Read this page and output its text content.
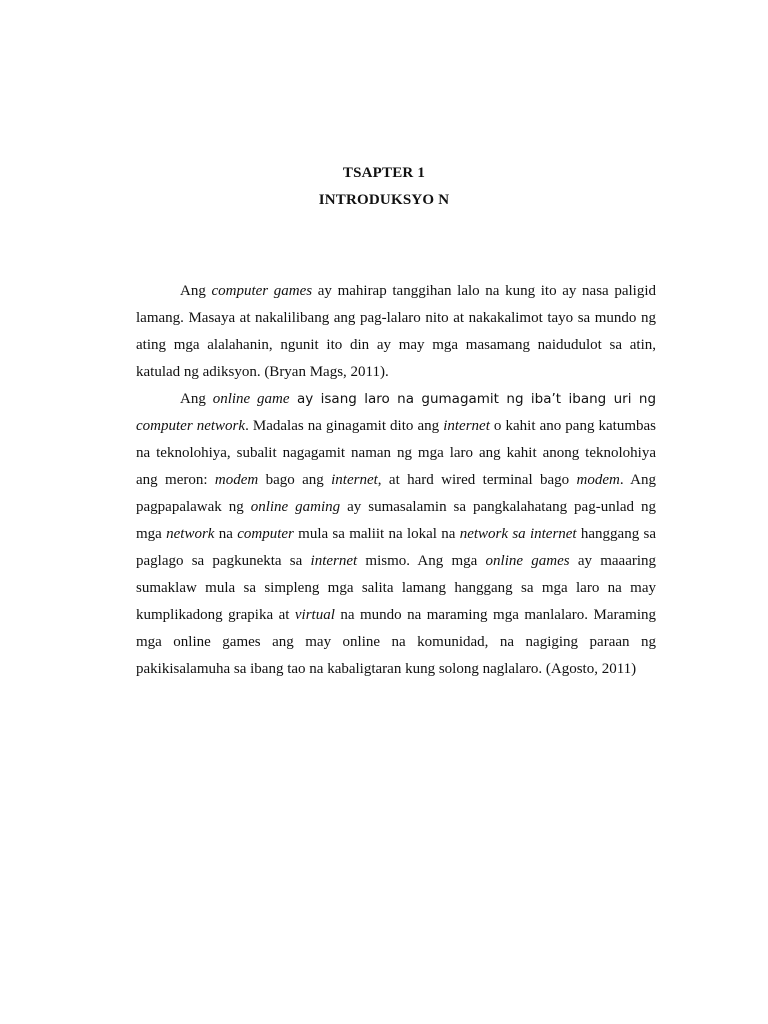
TSAPTER 1
INTRODUKSYO N

Ang computer games ay mahirap tanggihan lalo na kung ito ay nasa paligid lamang. Masaya at nakalilibang ang pag-lalaro nito at nakakalimot tayo sa mundo ng ating mga alalahanin, ngunit ito din ay may mga masamang naidudulot sa atin, katulad ng adiksyon. (Bryan Mags, 2011).

Ang online game ay isang laro na gumagamit ng iba’t ibang uri ng computer network. Madalas na ginagamit dito ang internet o kahit ano pang katumbas na teknolohiya, subalit nagagamit naman ng mga laro ang kahit anong teknolohiya ang meron: modem bago ang internet, at hard wired terminal bago modem. Ang pagpapalawak ng online gaming ay sumasalamin sa pangkalahatang pag-unlad ng mga network na computer mula sa maliit na lokal na network sa internet hanggang sa paglago sa pagkunekta sa internet mismo. Ang mga online games ay maaaring sumaklaw mula sa simpleng mga salita lamang hanggang sa mga laro na may kumplikadong grapika at virtual na mundo na maraming mga manlalaro. Maraming mga online games ang may online na komunidad, na nagiging paraan ng pakikisalamuha sa ibang tao na kabaligtaran kung solong naglalaro. (Agosto, 2011)
